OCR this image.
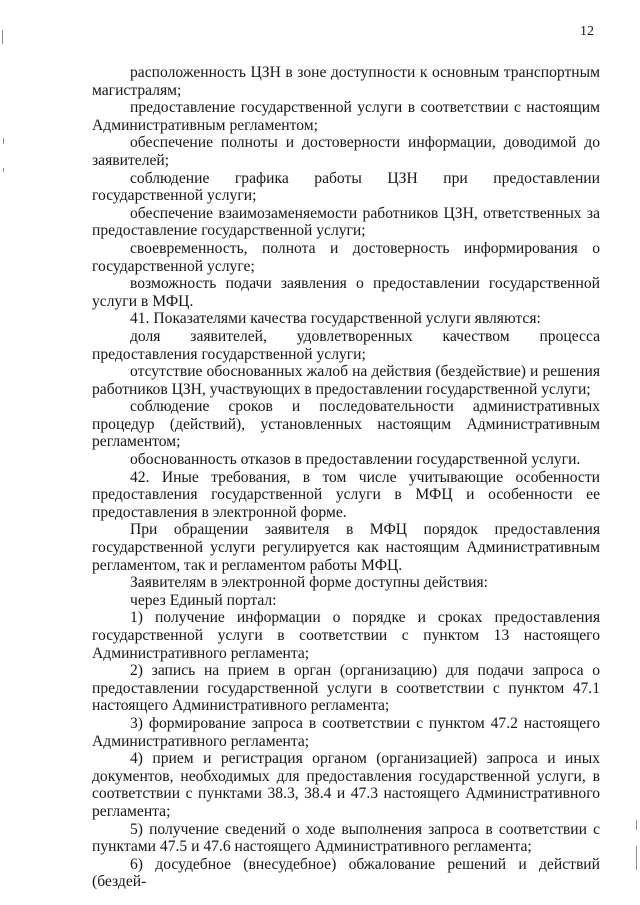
12

расположенность ЦЗН в зоне доступности к основным транспортным магистралям;

предоставление государственной услуги в соответствии с настоящим Административным регламентом;

обеспечение полноты и достоверности информации, доводимой до заявителей;

соблюдение графика работы ЦЗН при предоставлении государственной услуги;

обеспечение взаимозаменяемости работников ЦЗН, ответственных за предоставление государственной услуги;

своевременность, полнота и достоверность информирования о государственной услуге;

возможность подачи заявления о предоставлении государственной услуги в МФЦ.

41. Показателями качества государственной услуги являются:

доля заявителей, удовлетворенных качеством процесса предоставления государственной услуги;

отсутствие обоснованных жалоб на действия (бездействие) и решения работников ЦЗН, участвующих в предоставлении государственной услуги;

соблюдение сроков и последовательности административных процедур (действий), установленных настоящим Административным регламентом;

обоснованность отказов в предоставлении государственной услуги.

42. Иные требования, в том числе учитывающие особенности предоставления государственной услуги в МФЦ и особенности ее предоставления в электронной форме.

При обращении заявителя в МФЦ порядок предоставления государственной услуги регулируется как настоящим Административным регламентом, так и регламентом работы МФЦ.

Заявителям в электронной форме доступны действия:

через Единый портал:

1) получение информации о порядке и сроках предоставления государственной услуги в соответствии с пунктом 13 настоящего Административного регламента;

2) запись на прием в орган (организацию) для подачи запроса о предоставлении государственной услуги в соответствии с пунктом 47.1 настоящего Административного регламента;

3) формирование запроса в соответствии с пунктом 47.2 настоящего Административного регламента;

4) прием и регистрация органом (организацией) запроса и иных документов, необходимых для предоставления государственной услуги, в соответствии с пунктами 38.3, 38.4 и 47.3 настоящего Административного регламента;

5) получение сведений о ходе выполнения запроса в соответствии с пунктами 47.5 и 47.6 настоящего Административного регламента;

6) досудебное (внесудебное) обжалование решений и действий (бездей-
